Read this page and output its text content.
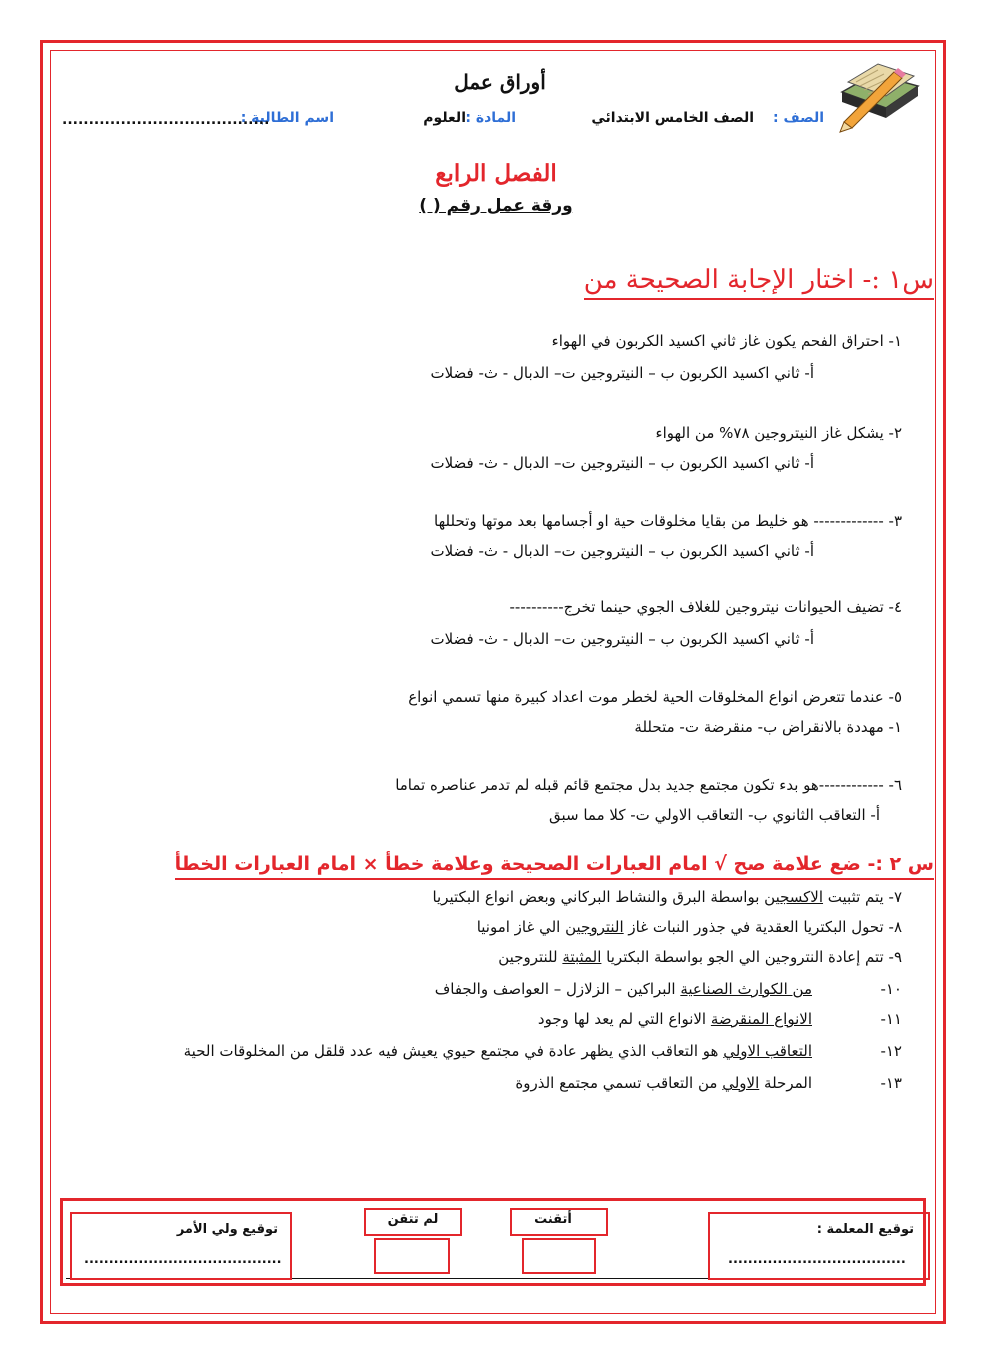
أوراق عمل
الصف :
الصف الخامس الابتدائي
المادة :
العلوم
اسم الطالبة :
.......................................
الفصل الرابع
ورقة عمل رقم ( )
س١ :- اختار الإجابة الصحيحة من
١- احتراق الفحم يكون غاز ثاني اكسيد الكربون في الهواء
أ- ثاني اكسيد الكربون ب – النيتروجين ت– الدبال - ث- فضلات
٢- يشكل غاز النيتروجين ٧٨% من الهواء
أ- ثاني اكسيد الكربون ب – النيتروجين ت– الدبال - ث- فضلات
٣- ------------- هو خليط من بقايا مخلوقات حية او أجسامها بعد موتها وتحللها
أ- ثاني اكسيد الكربون ب – النيتروجين ت– الدبال - ث- فضلات
٤- تضيف الحيوانات نيتروجين للغلاف الجوي حينما تخرج----------
أ- ثاني اكسيد الكربون ب – النيتروجين ت– الدبال - ث- فضلات
٥- عندما تتعرض انواع المخلوقات الحية لخطر موت اعداد كبيرة منها تسمي انواع
١- مهددة بالانقراض ب- منقرضة ت- متحللة
٦- ------------هو بدء تكون مجتمع جديد بدل مجتمع قائم قبله لم تدمر عناصره تماما
أ- التعاقب الثانوي ب- التعاقب الاولي ت- كلا مما سبق
س ٢ :- ضع علامة صح √ امام العبارات الصحيحة وعلامة خطأ × امام العبارات الخطأ
٧- يتم تثبيت الاكسجين بواسطة البرق والنشاط البركاني وبعض انواع البكتيريا
٨- تحول البكتريا العقدية في جذور النبات غاز النتروجين الي غاز امونيا
٩- تتم إعادة النتروجين الي الجو بواسطة البكتريا المثبتة للنتروجين
١٠-
من الكوارث الصناعية البراكين – الزلازل – العواصف والجفاف
١١-
الانواع المنقرضة الانواع التي لم يعد لها وجود
١٢-
التعاقب الاولي هو التعاقب الذي يظهر عادة في مجتمع حيوي يعيش فيه عدد قلقل من المخلوقات الحية
١٣-
المرحلة الاولي من التعاقب تسمي مجتمع الذروة
توقيع المعلمة :
....................................
أتقنت
لم تتقن
توقيع ولي الأمر
........................................
